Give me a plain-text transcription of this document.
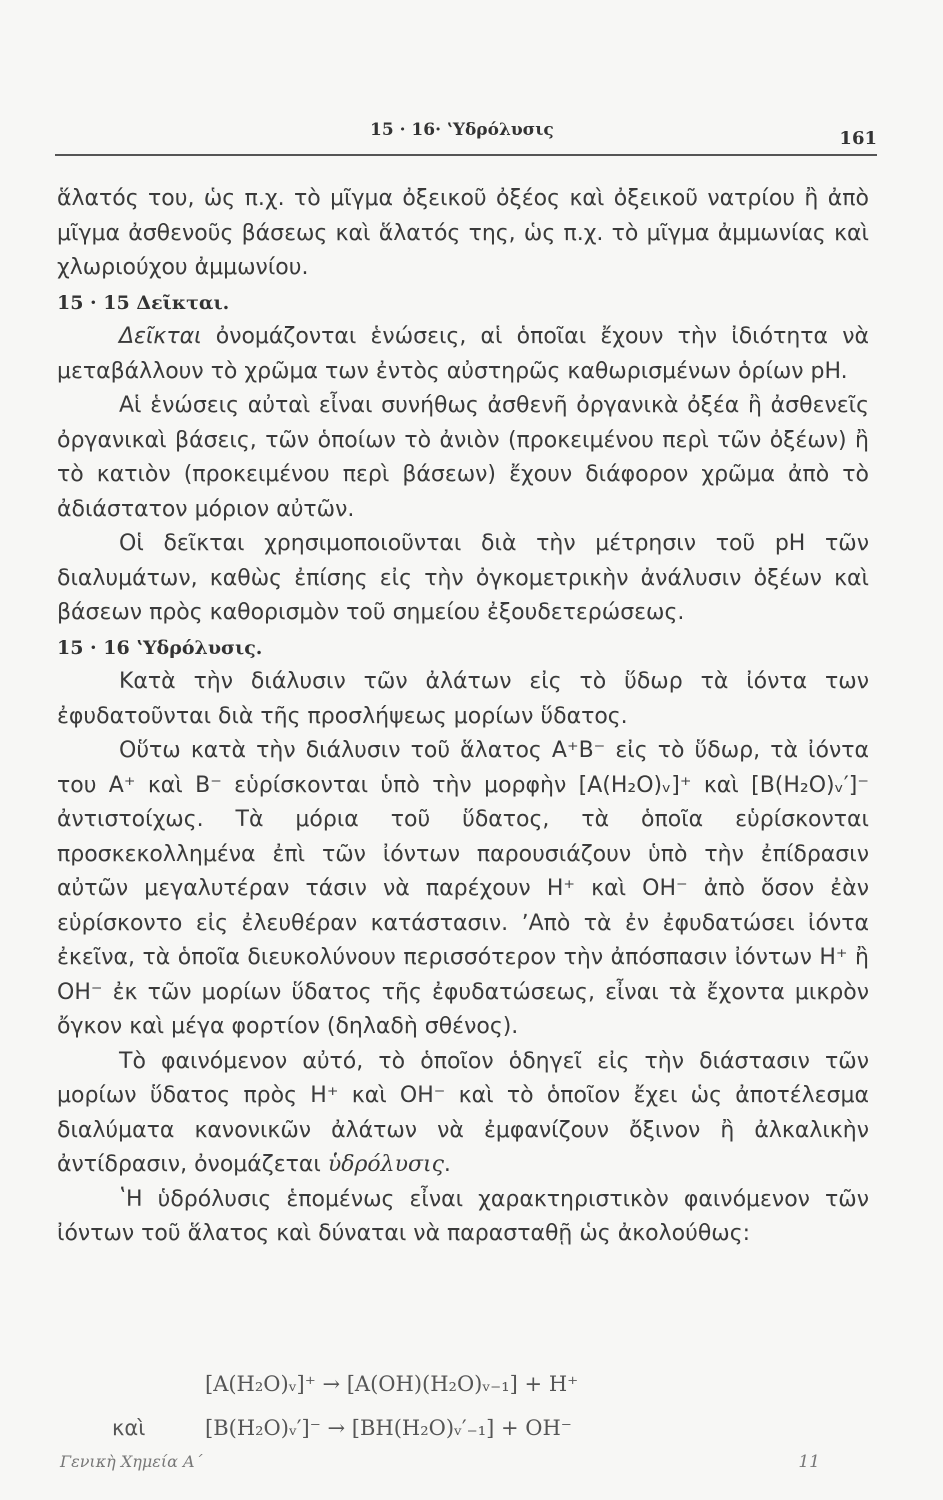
15 · 16· ʽΥδρόλυσις	161

ἅλατός του, ὡς π.χ. τὸ μῖγμα ὀξεικοῦ ὀξέος καὶ ὀξεικοῦ νατρίου ἢ ἀπὸ μῖγμα ἀσθενοῦς βάσεως καὶ ἅλατός της, ὡς π.χ. τὸ μῖγμα ἀμμωνίας καὶ χλωριούχου ἀμμωνίου.

15 · 15 Δεῖκται.

Δεῖκται ὀνομάζονται ἑνώσεις, αἱ ὁποῖαι ἔχουν τὴν ἰδιότητα νὰ μεταβάλλουν τὸ χρῶμα των ἐντὸς αὐστηρῶς καθωρισμένων ὁρίων pH.

Αἱ ἑνώσεις αὐταὶ εἶναι συνήθως ἀσθενῆ ὀργανικὰ ὀξέα ἢ ἀσθενεῖς ὀργανικαὶ βάσεις, τῶν ὁποίων τὸ ἀνιὸν (προκειμένου περὶ τῶν ὀξέων) ἢ τὸ κατιὸν (προκειμένου περὶ βάσεων) ἔχουν διάφορον χρῶμα ἀπὸ τὸ ἀδιάστατον μόριον αὐτῶν.

Οἱ δεῖκται χρησιμοποιοῦνται διὰ τὴν μέτρησιν τοῦ pH τῶν διαλυμάτων, καθὼς ἐπίσης εἰς τὴν ὀγκομετρικὴν ἀνάλυσιν ὀξέων καὶ βάσεων πρὸς καθορισμὸν τοῦ σημείου ἐξουδετερώσεως.

15 · 16 ʽΥδρόλυσις.

Κατὰ τὴν διάλυσιν τῶν ἀλάτων εἰς τὸ ὕδωρ τὰ ἰόντα των ἐφυδατοῦνται διὰ τῆς προσλήψεως μορίων ὕδατος.

Οὕτω κατὰ τὴν διάλυσιν τοῦ ἅλατος A⁺B⁻ εἰς τὸ ὕδωρ, τὰ ἰόντα του A⁺ καὶ B⁻ εὑρίσκονται ὑπὸ τὴν μορφὴν [A(H₂O)ᵥ]⁺ καὶ [B(H₂O)ᵥ′]⁻ ἀντιστοίχως. Τὰ μόρια τοῦ ὕδατος, τὰ ὁποῖα εὑρίσκονται προσκεκολλημένα ἐπὶ τῶν ἰόντων παρουσιάζουν ὑπὸ τὴν ἐπίδρασιν αὐτῶν μεγαλυτέραν τάσιν νὰ παρέχουν H⁺ καὶ OH⁻ ἀπὸ ὅσον ἐὰν εὑρίσκοντο εἰς ἐλευθέραν κατάστασιν. ʼΑπὸ τὰ ἐν ἐφυδατώσει ἰόντα ἐκεῖνα, τὰ ὁποῖα διευκολύνουν περισσότερον τὴν ἀπόσπασιν ἰόντων H⁺ ἢ OH⁻ ἐκ τῶν μορίων ὕδατος τῆς ἐφυδατώσεως, εἶναι τὰ ἔχοντα μικρὸν ὄγκον καὶ μέγα φορτίον (δηλαδὴ σθένος).

Τὸ φαινόμενον αὐτό, τὸ ὁποῖον ὁδηγεῖ εἰς τὴν διάστασιν τῶν μορίων ὕδατος πρὸς H⁺ καὶ OH⁻ καὶ τὸ ὁποῖον ἔχει ὡς ἀποτέλεσμα διαλύματα κανονικῶν ἀλάτων νὰ ἐμφανίζουν ὄξινον ἢ ἀλκαλικὴν ἀντίδρασιν, ὀνομάζεται ὑδρόλυσις.

ʽΗ ὑδρόλυσις ἑπομένως εἶναι χαρακτηριστικὸν φαινόμενον τῶν ἰόντων τοῦ ἅλατος καὶ δύναται νὰ παρασταθῇ ὡς ἀκολούθως:

[A(H₂O)ᵥ]⁺ → [A(OH)(H₂O)ᵥ₋₁] + H⁺
καὶ	[B(H₂O)ᵥ′]⁻ → [BH(H₂O)ᵥ′₋₁] + OH⁻
Γενικὴ Χημεία Α΄	11
